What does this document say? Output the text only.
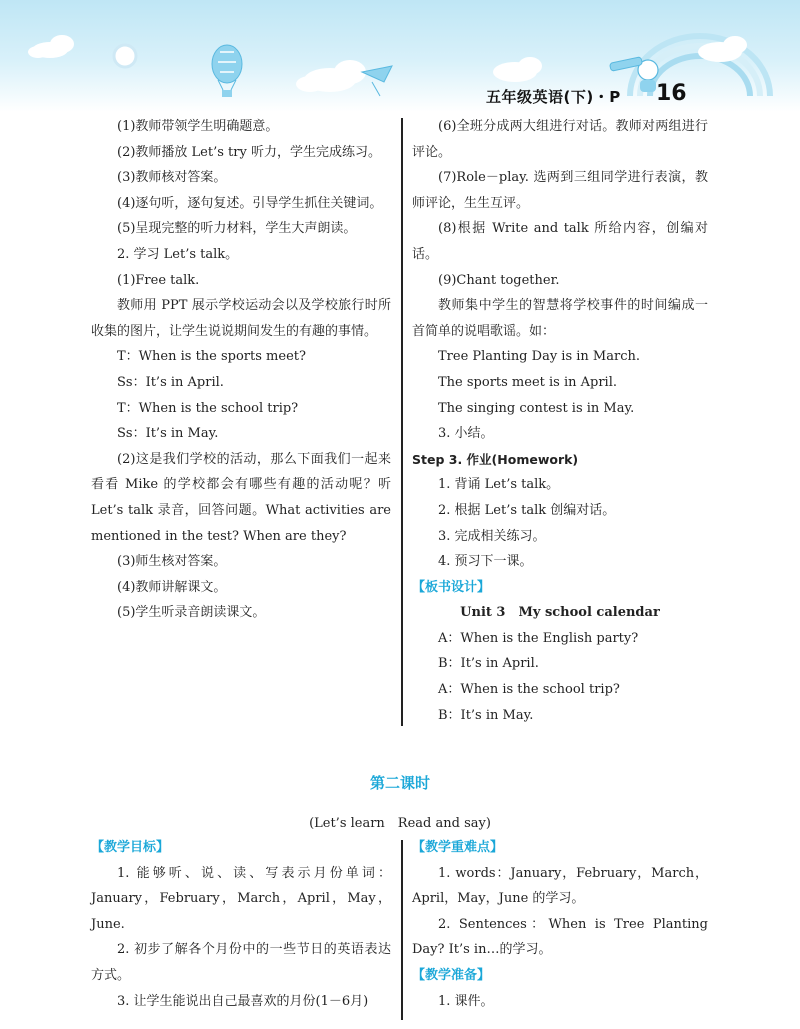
五年级英语(下)・P 16

(1)教师带领学生明确题意。

(2)教师播放 Let’s try 听力，学生完成练习。

(3)教师核对答案。

(4)逐句听，逐句复述。引导学生抓住关键词。

(5)呈现完整的听力材料，学生大声朗读。

2. 学习 Let’s talk。

(1)Free talk.

教师用 PPT 展示学校运动会以及学校旅行时所收集的图片，让学生说说期间发生的有趣的事情。

T：When is the sports meet?

Ss：It’s in April.

T：When is the school trip?

Ss：It’s in May.

(2)这是我们学校的活动，那么下面我们一起来看看 Mike 的学校都会有哪些有趣的活动呢？听 Let’s talk 录音，回答问题。What activities are mentioned in the test? When are they?

(3)师生核对答案。

(4)教师讲解课文。

(5)学生听录音朗读课文。

(6)全班分成两大组进行对话。教师对两组进行评论。

(7)Role－play. 选两到三组同学进行表演，教师评论，生生互评。

(8)根据 Write and talk 所给内容，创编对话。

(9)Chant together.

教师集中学生的智慧将学校事件的时间编成一首简单的说唱歌谣。如：

Tree Planting Day is in March.

The sports meet is in April.

The singing contest is in May.

3. 小结。

Step 3. 作业(Homework)

1. 背诵 Let’s talk。

2. 根据 Let’s talk 创编对话。

3. 完成相关练习。

4. 预习下一课。

【板书设计】

Unit 3　My school calendar

A：When is the English party?

B：It’s in April.

A：When is the school trip?

B：It’s in May.

第二课时
(Let’s learn　Read and say)

【教学目标】

1. 能够听、说、读、写表示月份单词：January，February，March，April，May，June.

2. 初步了解各个月份中的一些节日的英语表达方式。

3. 让学生能说出自己最喜欢的月份(1－6月)

【教学重难点】

1. words：January，February，March，April，May，June 的学习。

2. Sentences：When is Tree Planting Day? It’s in…的学习。

【教学准备】

1. 课件。
